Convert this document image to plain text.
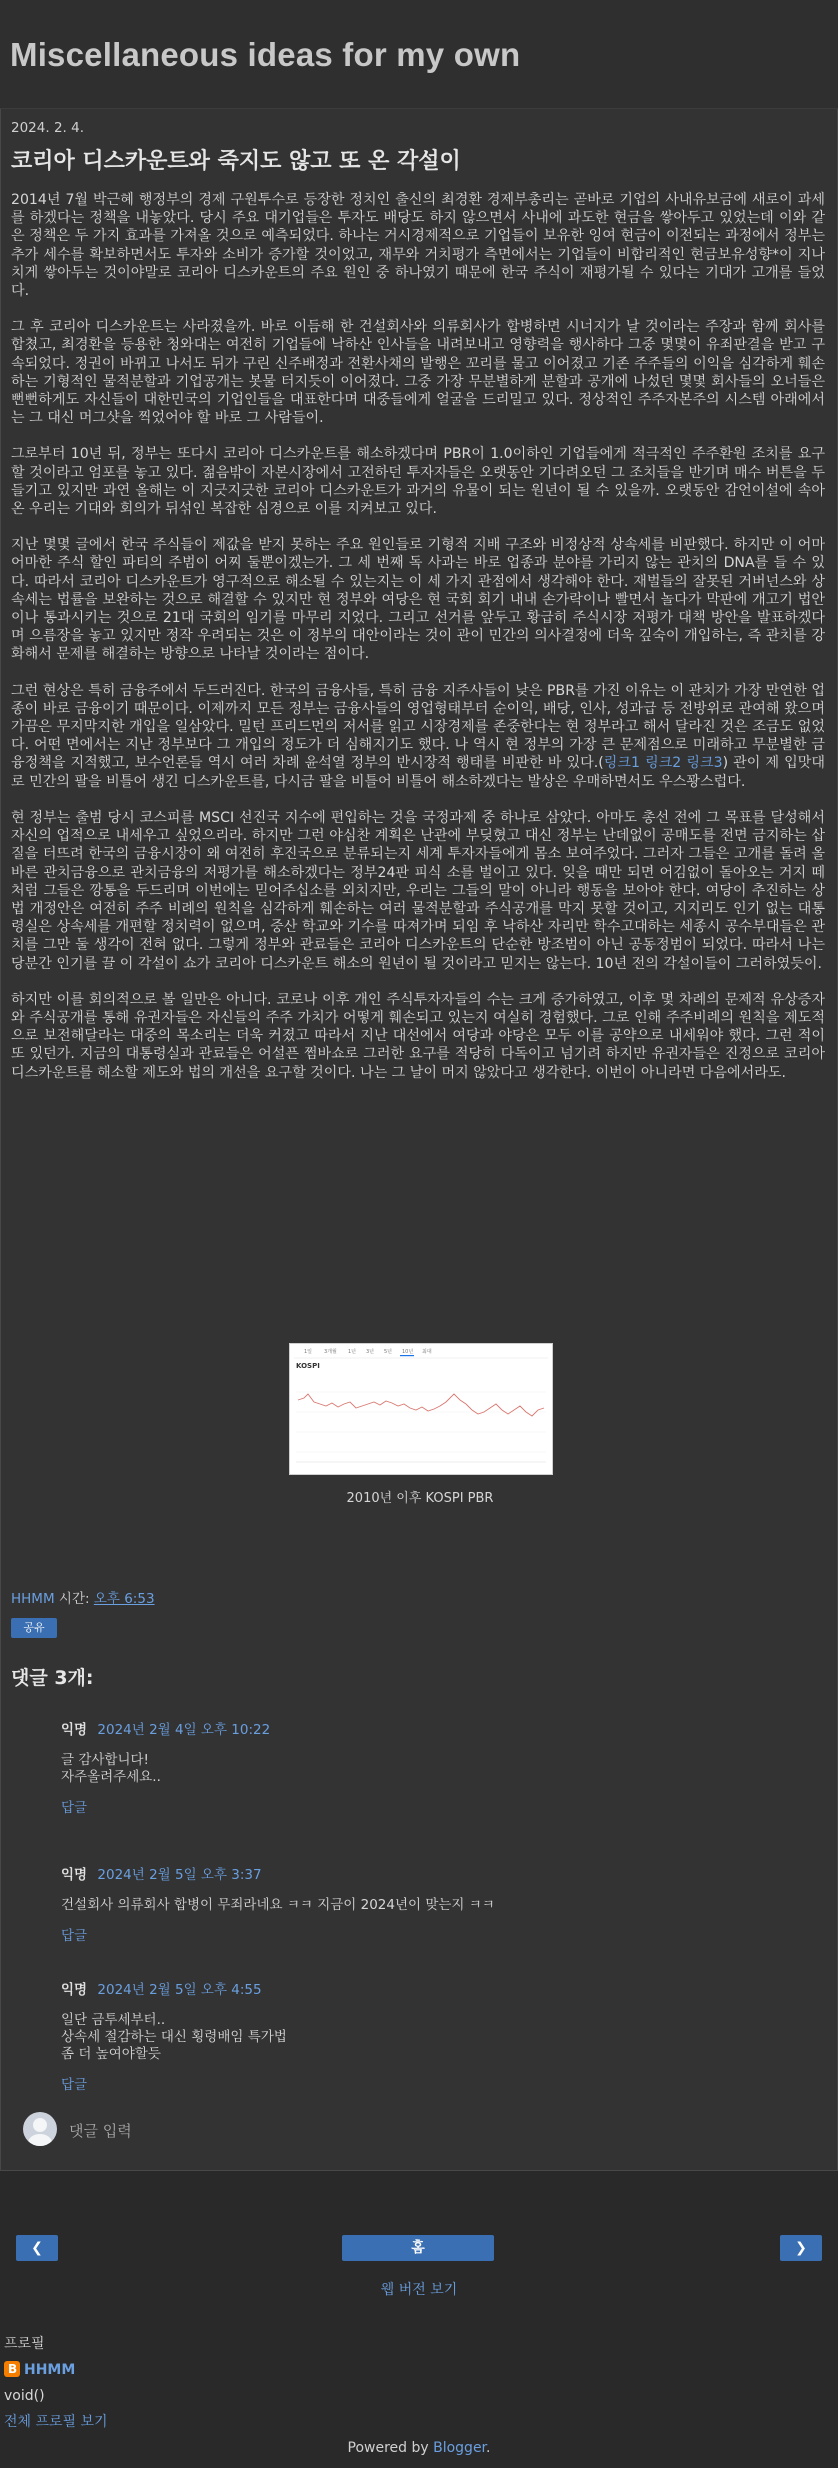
Miscellaneous ideas for my own
2024. 2. 4.
코리아 디스카운트와 죽지도 않고 또 온 각설이

2014년 7월 박근혜 행정부의 경제 구원투수로 등장한 정치인 출신의 최경환 경제부총리는 곧바로 기업의 사내유보금에 새로이 과세를 하겠다는 정책을 내놓았다. 당시 주요 대기업들은 투자도 배당도 하지 않으면서 사내에 과도한 현금을 쌓아두고 있었는데 이와 같은 정책은 두 가지 효과를 가져올 것으로 예측되었다. 하나는 거시경제적으로 기업들이 보유한 잉여 현금이 이전되는 과정에서 정부는 추가 세수를 확보하면서도 투자와 소비가 증가할 것이었고, 재무와 거치평가 측면에서는 기업들이 비합리적인 현금보유성향*이 지나치게 쌓아두는 것이야말로 코리아 디스카운트의 주요 원인 중 하나였기 때문에 한국 주식이 재평가될 수 있다는 기대가 고개를 들었다.

그 후 코리아 디스카운트는 사라졌을까. 바로 이듬해 한 건설회사와 의류회사가 합병하면 시너지가 날 것이라는 주장과 함께 회사를 합쳤고, 최경환을 등용한 청와대는 여전히 기업들에 낙하산 인사들을 내려보내고 영향력을 행사하다 그중 몇몇이 유죄판결을 받고 구속되었다. 정권이 바뀌고 나서도 뒤가 구린 신주배정과 전환사채의 발행은 꼬리를 물고 이어졌고 기존 주주들의 이익을 심각하게 훼손하는 기형적인 물적분할과 기업공개는 봇물 터지듯이 이어졌다. 그중 가장 무분별하게 분할과 공개에 나섰던 몇몇 회사들의 오너들은 뻔뻔하게도 자신들이 대한민국의 기업인들을 대표한다며 대중들에게 얼굴을 드리밀고 있다. 정상적인 주주자본주의 시스템 아래에서는 그 대신 머그샷을 찍었어야 할 바로 그 사람들이.

그로부터 10년 뒤, 정부는 또다시 코리아 디스카운트를 해소하겠다며 PBR이 1.0이하인 기업들에게 적극적인 주주환원 조치를 요구할 것이라고 엄포를 놓고 있다. 젊음밖이 자본시장에서 고전하던 투자자들은 오랫동안 기다려오던 그 조치들을 반기며 매수 버튼을 두들기고 있지만 과연 올해는 이 지긋지긋한 코리아 디스카운트가 과거의 유물이 되는 원년이 될 수 있을까. 오랫동안 감언이설에 속아 온 우리는 기대와 회의가 뒤섞인 복잡한 심경으로 이를 지켜보고 있다.

지난 몇몇 글에서 한국 주식들이 제값을 받지 못하는 주요 원인들로 기형적 지배 구조와 비정상적 상속세를 비판했다. 하지만 이 어마어마한 주식 할인 파티의 주범이 어찌 둘뿐이겠는가. 그 세 번째 독 사과는 바로 업종과 분야를 가리지 않는 관치의 DNA를 들 수 있다. 따라서 코리아 디스카운트가 영구적으로 해소될 수 있는지는 이 세 가지 관점에서 생각해야 한다. 재벌들의 잘못된 거버넌스와 상속세는 법률을 보완하는 것으로 해결할 수 있지만 현 정부와 여당은 현 국회 회기 내내 손가락이나 빨면서 놀다가 막판에 개고기 법안이나 통과시키는 것으로 21대 국회의 임기를 마무리 지었다. 그리고 선거를 앞두고 황급히 주식시장 저평가 대책 방안을 발표하겠다며 으름장을 놓고 있지만 정작 우려되는 것은 이 정부의 대안이라는 것이 관이 민간의 의사결정에 더욱 깊숙이 개입하는, 즉 관치를 강화해서 문제를 해결하는 방향으로 나타날 것이라는 점이다.

그런 현상은 특히 금융주에서 두드러진다. 한국의 금융사들, 특히 금융 지주사들이 낮은 PBR를 가진 이유는 이 관치가 가장 만연한 업종이 바로 금융이기 때문이다. 이제까지 모든 정부는 금융사들의 영업형태부터 순이익, 배당, 인사, 성과급 등 전방위로 관여해 왔으며 가끔은 무지막지한 개입을 일삼았다. 밀턴 프리드먼의 저서를 읽고 시장경제를 존중한다는 현 정부라고 해서 달라진 것은 조금도 없었다. 어떤 면에서는 지난 정부보다 그 개입의 정도가 더 심해지기도 했다. 나 역시 현 정부의 가장 큰 문제점으로 미래하고 무분별한 금융정책을 지적했고, 보수언론들 역시 여러 차례 윤석열 정부의 반시장적 행태를 비판한 바 있다.(링크1 링크2 링크3) 관이 제 입맛대로 민간의 팔을 비틀어 생긴 디스카운트를, 다시금 팔을 비틀어 비틀어 해소하겠다는 발상은 우매하면서도 우스꽝스럽다.

현 정부는 출범 당시 코스피를 MSCI 선진국 지수에 편입하는 것을 국정과제 중 하나로 삼았다. 아마도 총선 전에 그 목표를 달성해서 자신의 업적으로 내세우고 싶었으리라. 하지만 그런 야심찬 계획은 난관에 부딪혔고 대신 정부는 난데없이 공매도를 전면 금지하는 삽질을 터뜨려 한국의 금융시장이 왜 여전히 후진국으로 분류되는지 세계 투자자들에게 몸소 보여주었다. 그러자 그들은 고개를 돌려 올바른 관치금융으로 관치금융의 저평가를 해소하겠다는 정부24판 피식 소를 벌이고 있다. 잊을 때만 되면 어김없이 돌아오는 거지 떼처럼 그들은 깡통을 두드리며 이번에는 믿어주십소를 외치지만, 우리는 그들의 말이 아니라 행동을 보아야 한다. 여당이 추진하는 상법 개정안은 여전히 주주 비례의 원칙을 심각하게 훼손하는 여러 물적분할과 주식공개를 막지 못할 것이고, 지지리도 인기 없는 대통령실은 상속세를 개편할 정치력이 없으며, 중산 학교와 기수를 따져가며 되임 후 낙하산 자리만 학수고대하는 세종시 공수부대들은 관치를 그만 둘 생각이 전혀 없다. 그렇게 정부와 관료들은 코리아 디스카운트의 단순한 방조범이 아닌 공동정범이 되었다. 따라서 나는 당분간 인기를 끌 이 각설이 쇼가 코리아 디스카운트 해소의 원년이 될 것이라고 믿지는 않는다. 10년 전의 각설이들이 그러하였듯이.

하지만 이를 회의적으로 볼 일만은 아니다. 코로나 이후 개인 주식투자자들의 수는 크게 증가하였고, 이후 몇 차례의 문제적 유상증자와 주식공개를 통해 유권자들은 자신들의 주주 가치가 어떻게 훼손되고 있는지 여실히 경험했다. 그로 인해 주주비례의 원칙을 제도적으로 보전해달라는 대중의 목소리는 더욱 커졌고 따라서 지난 대선에서 여당과 야당은 모두 이를 공약으로 내세워야 했다. 그런 적이 또 있던가. 지금의 대통령실과 관료들은 어설픈 쩜바쇼로 그러한 요구를 적당히 다독이고 넘기려 하지만 유권자들은 진정으로 코리아 디스카운트를 해소할 제도와 법의 개선을 요구할 것이다. 나는 그 날이 머지 않았다고 생각한다. 이번이 아니라면 다음에서라도.

1일 3개월 1년 3년 5년 10년 최대
KOSPI
2010년 이후 KOSPI PBR
HHMM 시간: 오후 6:53
공유
댓글 3개:
익명 2024년 2월 4일 오후 10:22
글 감사합니다!
자주올려주세요..
답글
익명 2024년 2월 5일 오후 3:37
건설회사 의류회사 합병이 무죄라네요 ㅋㅋ 지금이 2024년이 맞는지 ㅋㅋ
답글
익명 2024년 2월 5일 오후 4:55
일단 금투세부터..
상속세 절감하는 대신 횡령배임 특가법
좀 더 높여야할듯
답글
댓글 입력
❮	홈	❯
웹 버전 보기
프로필
BHHMM
void()
전체 프로필 보기
Powered by Blogger.
